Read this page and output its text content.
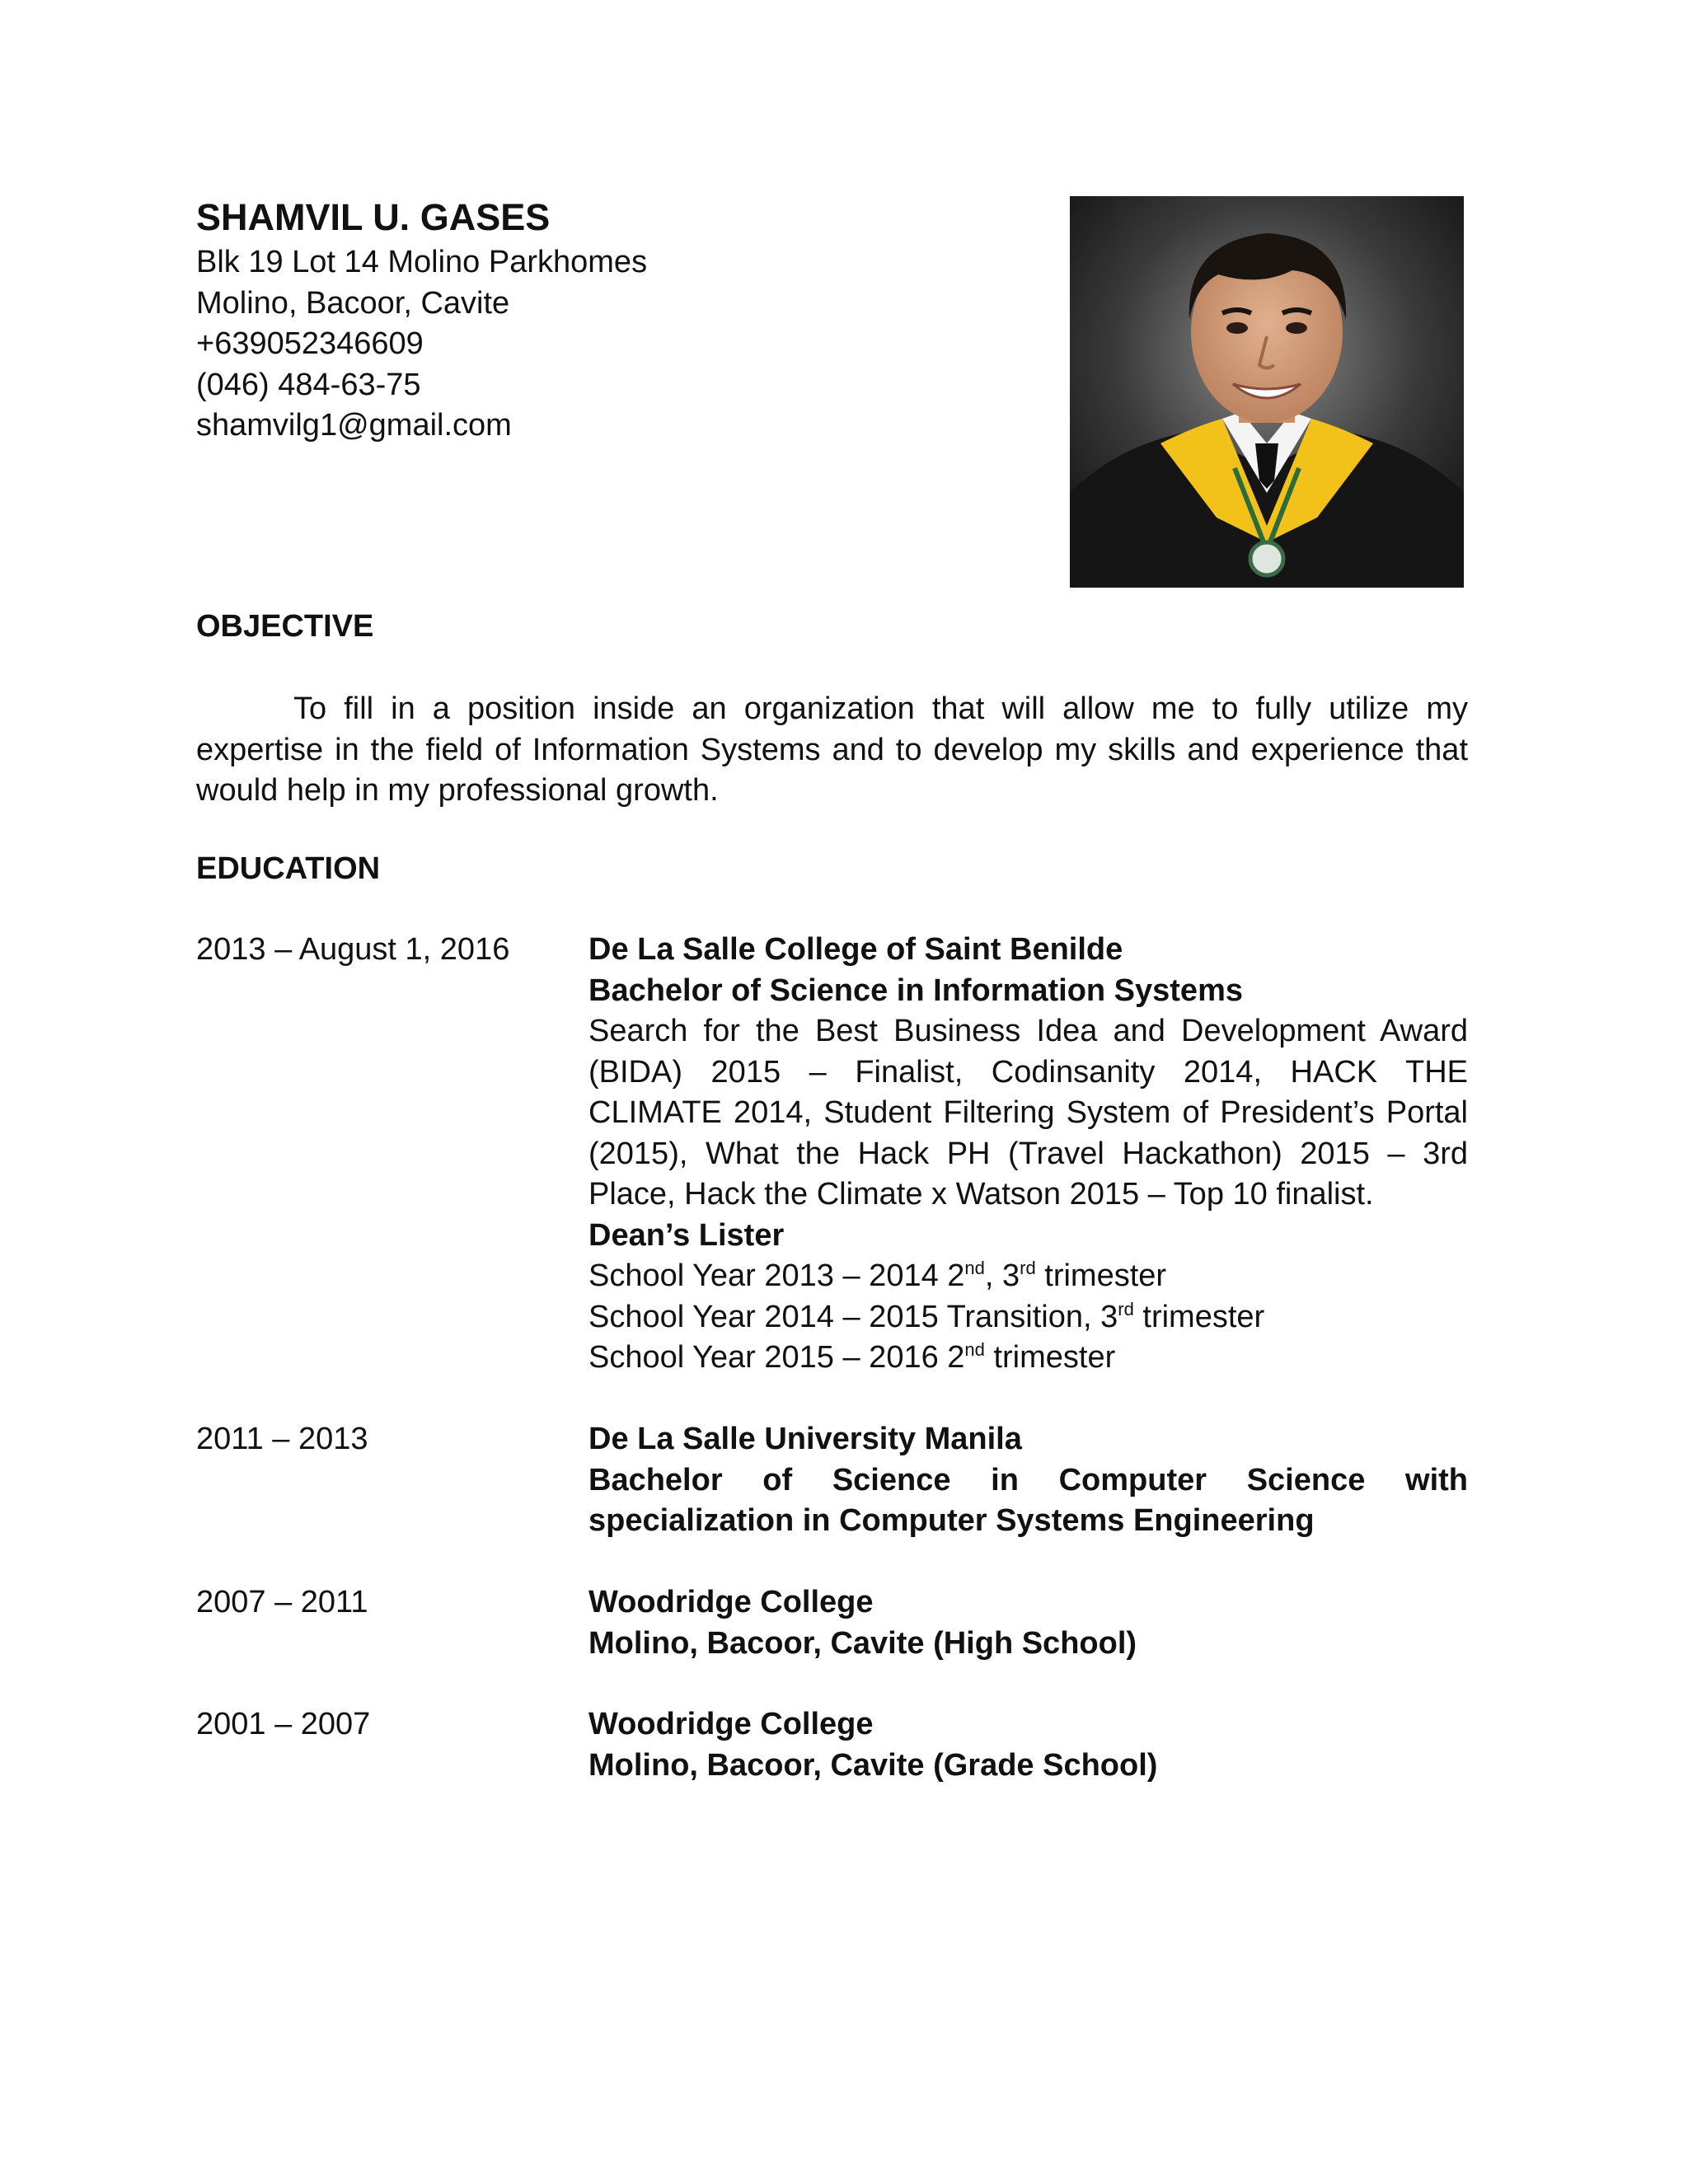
SHAMVIL U. GASES
Blk 19 Lot 14 Molino Parkhomes
Molino, Bacoor, Cavite
+639052346609
(046) 484-63-75
shamvilg1@gmail.com
OBJECTIVE

To fill in a position inside an organization that will allow me to fully utilize my expertise in the field of Information Systems and to develop my skills and experience that would help in my professional growth.

EDUCATION
2013 – August 1, 2016	De La Salle College of Saint Benilde
Bachelor of Science in Information Systems
Search for the Best Business Idea and Development Award (BIDA) 2015 – Finalist, Codinsanity 2014, HACK THE CLIMATE 2014, Student Filtering System of President’s Portal (2015), What the Hack PH (Travel Hackathon) 2015 – 3rd Place, Hack the Climate x Watson 2015 – Top 10 finalist.
Dean’s Lister
School Year 2013 – 2014 2nd, 3rd trimester
School Year 2014 – 2015 Transition, 3rd trimester
School Year 2015 – 2016 2nd trimester
2011 – 2013	De La Salle University Manila
Bachelor of Science in Computer Science with specialization in Computer Systems Engineering
2007 – 2011	Woodridge College
Molino, Bacoor, Cavite (High School)
2001 – 2007	Woodridge College
Molino, Bacoor, Cavite (Grade School)
